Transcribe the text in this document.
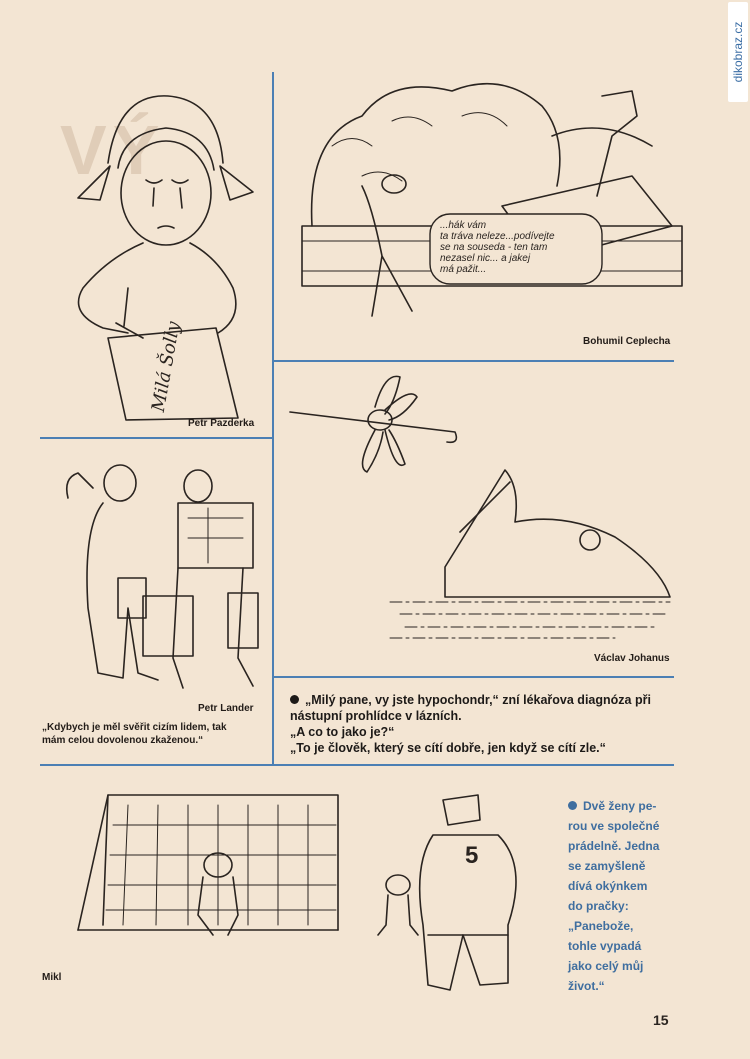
dikobraz.cz
VÝ
Milá Šolly
Petr Pazderka
...hák vám
ta tráva neleze...podívejte
se na souseda - ten tam
nezasel nic... a jakej
má pažit...
Bohumil Ceplecha
Petr Lander
„Kdybych je měl svěřit cizím lidem, tak
mám celou dovolenou zkaženou.“
Václav Johanus
„Milý pane, vy jste hypochondr,“ zní lékařova diagnóza při
nástupní prohlídce v lázních.
„A co to jako je?“
„To je člověk, který se cítí dobře, jen když se cítí zle.“
5
Mikl
Dvě ženy pe-
rou ve společné
prádelně. Jedna
se zamyšleně
dívá okýnkem
do pračky:
„Panebože,
tohle vypadá
jako celý můj
život.“
15
